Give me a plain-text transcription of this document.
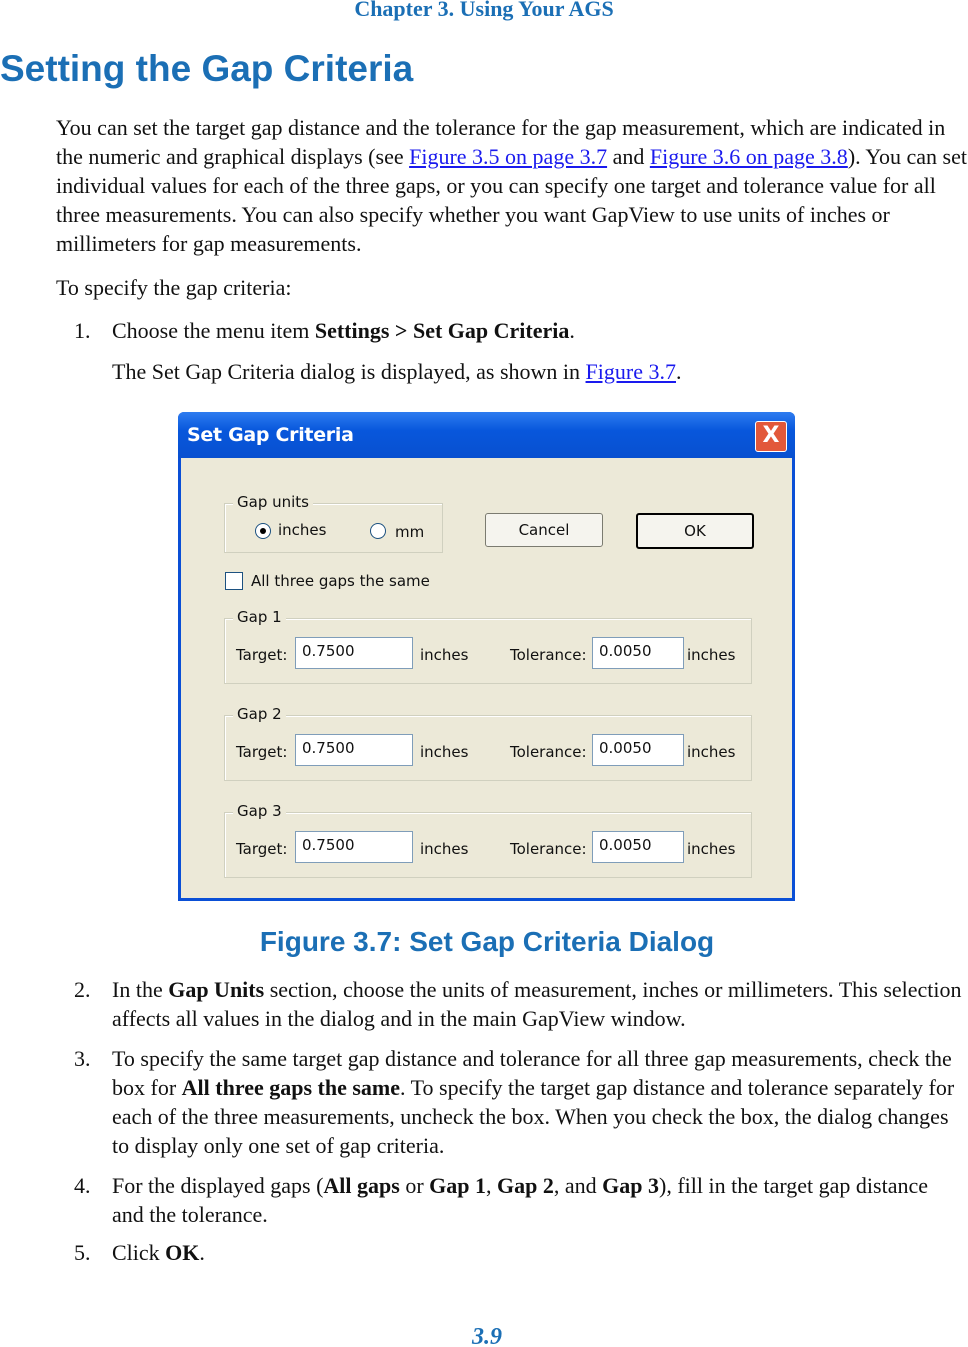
Chapter 3. Using Your AGS
Setting the Gap Criteria

You can set the target gap distance and the tolerance for the gap measurement, which are indicated in the numeric and graphical displays (see Figure 3.5 on page 3.7 and Figure 3.6 on page 3.8). You can set individual values for each of the three gaps, or you can specify one target and tolerance value for all three measurements. You can also specify whether you want GapView to use units of inches or millimeters for gap measurements.

To specify the gap criteria:

1. Choose the menu item Settings > Set Gap Criteria.
The Set Gap Criteria dialog is displayed, as shown in Figure 3.7.
Set Gap Criteria	X
Gap units
inches	mm	Cancel	OK
All three gaps the same
Gap 1
Target: 0.7500	inches	Tolerance: 0.0050	inches
Gap 2
Target: 0.7500	inches	Tolerance: 0.0050	inches
Gap 3
Target: 0.7500	inches	Tolerance: 0.0050	inches
Figure 3.7: Set Gap Criteria Dialog
2. In the Gap Units section, choose the units of measurement, inches or millimeters. This selection affects all values in the dialog and in the main GapView window.
3. To specify the same target gap distance and tolerance for all three gap measurements, check the box for All three gaps the same. To specify the target gap distance and tolerance separately for each of the three measurements, uncheck the box. When you check the box, the dialog changes to display only one set of gap criteria.
4. For the displayed gaps (All gaps or Gap 1, Gap 2, and Gap 3), fill in the target gap distance and the tolerance.
5. Click OK.
3.9
